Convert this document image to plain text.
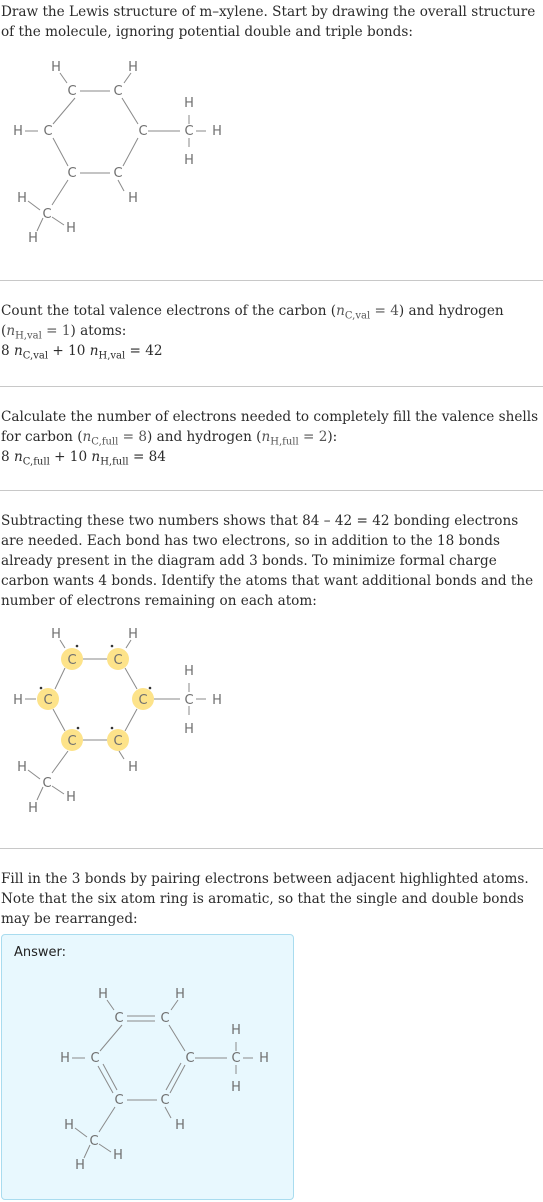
Draw the Lewis structure of m–xylene. Start by drawing the overall structure of the molecule, ignoring potential double and triple bonds:
C	C
C	C
C	C
C
C
H	H
H
H
H
H
H
H
H
H
Count the total valence electrons of the carbon $(n_{C,val} = 4)$ and hydrogen $(n_{H,val} = 1)$ atoms:
8 $n_{C,val} + 10$ $n_{H,val} = 42$
Calculate the number of electrons needed to completely fill the valence shells for carbon $(n_{C,full} = 8)$ and hydrogen $(n_{H,full} = 2)$:
8 $n_{C,full} + 10$ $n_{H,full} = 84$
Subtracting these two numbers shows that 84 – 42 = 42 bonding electrons are needed. Each bond has two electrons, so in addition to the 18 bonds already present in the diagram add 3 bonds. To minimize formal charge carbon wants 4 bonds. Identify the atoms that want additional bonds and the number of electrons remaining on each atom:
C	C
C	C
C	C
C
C
H	H
H
H
H
H
H
H
H
H
Fill in the 3 bonds by pairing electrons between adjacent highlighted atoms. Note that the six atom ring is aromatic, so that the single and double bonds may be rearranged:
Answer:
C	C
C	C
C	C
C
C
H	H
H
H
H
H
H
H
H
H
